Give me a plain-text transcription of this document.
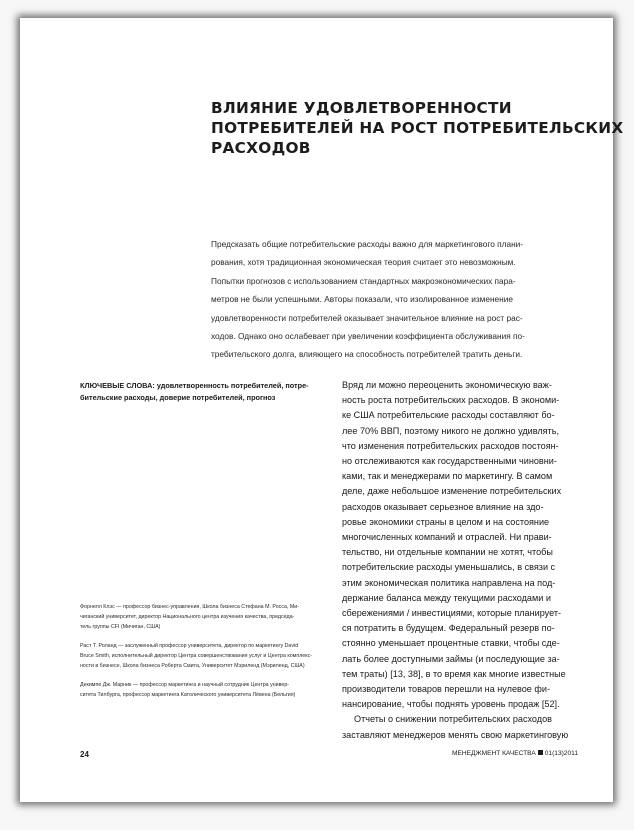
ВЛИЯНИЕ УДОВЛЕТВОРЕННОСТИ
ПОТРЕБИТЕЛЕЙ НА РОСТ ПОТРЕБИТЕЛЬСКИХ
РАСХОДОВ
Предсказать общие потребительские расходы важно для маркетингового плани-
рования, хотя традиционная экономическая теория считает это невозможным.
Попытки прогнозов с использованием стандартных макроэкономических пара-
метров не были успешными. Авторы показали, что изолированное изменение
удовлетворенности потребителей оказывает значительное влияние на рост рас-
ходов. Однако оно ослабевает при увеличении коэффициента обслуживания по-
требительского долга, влияющего на способность потребителей тратить деньги.
КЛЮЧЕВЫЕ СЛОВА: удовлетворенность потребителей, потре-
бительские расходы, доверие потребителей, прогноз
Форнелл Клэс — профессор бизнес-управления, Школа бизнеса Стефана М. Росса, Ми-
чиганский университет, директор Национального центра изучения качества, председа-
тель группы CFI (Мичиган, США)
Раст Т. Роланд — заслуженный профессор университета, директор по маркетингу David
Bruce Smith, исполнительный директор Центра совершенствования услуг и Центра комплекс-
ности в бизнесе, Школа бизнеса Роберта Смита, Университет Мэриленд (Мэриленд, США)
Декимпе Дж. Марник — профессор маркетинга и научный сотрудник Центра универ-
ситета Тилбурга, профессор маркетинга Католического университета Лёвена (Бельгия)
Вряд ли можно переоценить экономическую важ-
ность роста потребительских расходов. В экономи-
ке США потребительские расходы составляют бо-
лее 70% ВВП, поэтому никого не должно удивлять,
что изменения потребительских расходов постоян-
но отслеживаются как государственными чиновни-
ками, так и менеджерами по маркетингу. В самом
деле, даже небольшое изменение потребительских
расходов оказывает серьезное влияние на здо-
ровье экономики страны в целом и на состояние
многочисленных компаний и отраслей. Ни прави-
тельство, ни отдельные компании не хотят, чтобы
потребительские расходы уменьшались, в связи с
этим экономическая политика направлена на под-
держание баланса между текущими расходами и
сбережениями / инвестициями, которые планирует-
ся потратить в будущем. Федеральный резерв по-
стоянно уменьшает процентные ставки, чтобы сде-
лать более доступными займы (и последующие за-
тем траты) [13, 38], в то время как многие известные
производители товаров перешли на нулевое фи-
нансирование, чтобы поднять уровень продаж [52].
Отчеты о снижении потребительских расходов
заставляют менеджеров менять свою маркетинговую
24	МЕНЕДЖМЕНТ КАЧЕСТВА 01(13)2011
